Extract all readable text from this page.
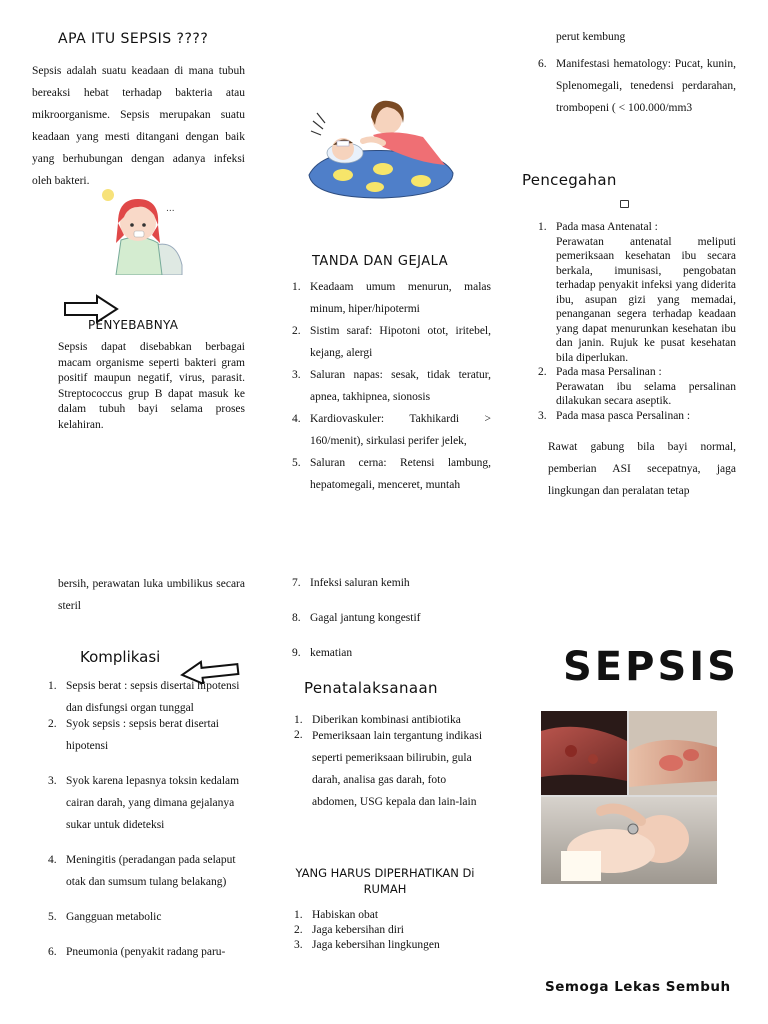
APA ITU SEPSIS ????
Sepsis adalah suatu keadaan di mana tubuh bereaksi hebat terhadap bakteria atau mikroorganisme. Sepsis merupakan suatu keadaan yang mesti ditangani dengan baik yang berhubungan dengan adanya infeksi oleh bakteri.
...
PENYEBABNYA
Sepsis dapat disebabkan berbagai macam organisme seperti bakteri gram positif maupun negatif, virus, parasit. Streptococcus grup B dapat masuk ke dalam tubuh bayi selama proses kelahiran.
TANDA DAN GEJALA
1. Keadaam umum menurun, malas minum, hiper/hipotermi
2. Sistim saraf: Hipotoni otot, iritebel, kejang, alergi
3. Saluran napas: sesak, tidak teratur, apnea, takhipnea, sionosis
4. Kardiovaskuler: Takhikardi > 160/menit), sirkulasi perifer jelek,
5. Saluran cerna: Retensi lambung, hepatomegali, menceret, muntah
perut kembung
6. Manifestasi hematology: Pucat, kunin, Splenomegali, tenedensi perdarahan, trombopeni ( < 100.000/mm3
Pencegahan
1. Pada masa Antenatal :

Perawatan antenatal meliputi pemeriksaan kesehatan ibu secara berkala, imunisasi, pengobatan terhadap penyakit infeksi yang diderita ibu, asupan gizi yang memadai, penanganan segera terhadap keadaan yang dapat menurunkan kesehatan ibu dan janin. Rujuk ke pusat kesehatan bila diperlukan.
2. Pada masa Persalinan :

Perawatan ibu selama persalinan dilakukan secara aseptik.
3. Pada masa pasca Persalinan :
Rawat gabung bila bayi normal, pemberian ASI secepatnya, jaga lingkungan dan peralatan tetap
bersih, perawatan luka umbilikus secara steril
Komplikasi
1. Sepsis berat : sepsis disertai hipotensi dan disfungsi organ tunggal
2. Syok sepsis : sepsis berat disertai hipotensi
3. Syok karena lepasnya toksin kedalam cairan darah, yang dimana gejalanya sukar untuk dideteksi
4. Meningitis (peradangan pada selaput otak dan sumsum tulang belakang)
5. Gangguan metabolic
6. Pneumonia (penyakit radang paru-
7. Infeksi saluran kemih
8. Gagal jantung kongestif
9. kematian
Penatalaksanaan
1. Diberikan kombinasi antibiotika
2. Pemeriksaan lain tergantung indikasi seperti pemeriksaan bilirubin, gula darah, analisa gas darah, foto abdomen, USG kepala dan lain-lain
YANG HARUS DIPERHATIKAN Di RUMAH
1. Habiskan obat
2. Jaga kebersihan diri
3. Jaga kebersihan lingkungen
SEPSIS
Semoga Lekas Sembuh
